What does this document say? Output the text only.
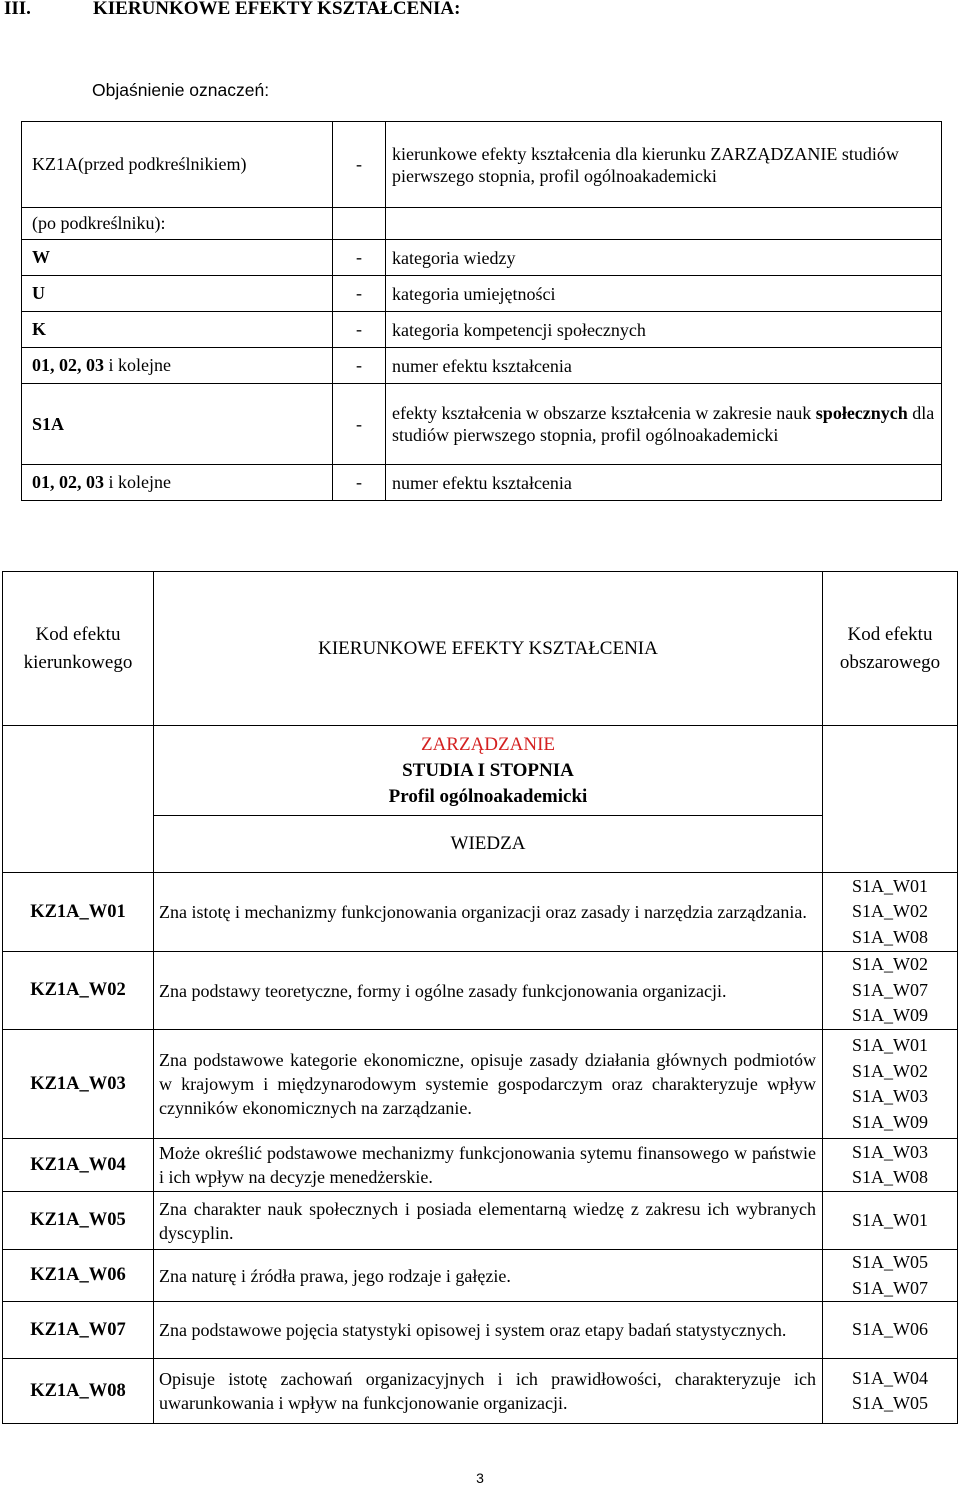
III.	KIERUNKOWE EFEKTY KSZTAŁCENIA:
Objaśnienie oznaczeń:
KZ1A(przed podkreślnikiem)	-	kierunkowe efekty kształcenia dla kierunku ZARZĄDZANIE studiów pierwszego stopnia, profil ogólnoakademicki
(po podkreślniku):		
W	-	kategoria wiedzy
U	-	kategoria umiejętności
K	-	kategoria kompetencji społecznych
01, 02, 03 i kolejne	-	numer efektu kształcenia
S1A	-	efekty kształcenia w obszarze kształcenia w zakresie nauk społecznych dla studiów pierwszego stopnia, profil ogólnoakademicki
01, 02, 03 i kolejne	-	numer efektu kształcenia
Kod efektu kierunkowego	KIERUNKOWE EFEKTY KSZTAŁCENIA	Kod efektu obszarowego

	ZARZĄDZANIE
STUDIA I STOPNIA
Profil ogólnoakademicki
WIEDZA	

KZ1A_W01	Zna istotę i mechanizmy funkcjonowania organizacji oraz zasady i narzędzia zarządzania.	S1A_W01
S1A_W02
S1A_W08
KZ1A_W02	Zna podstawy teoretyczne, formy i ogólne zasady funkcjonowania organizacji.	S1A_W02
S1A_W07
S1A_W09
KZ1A_W03	Zna podstawowe kategorie ekonomiczne, opisuje zasady działania głównych podmiotów w krajowym i międzynarodowym systemie gospodarczym oraz charakteryzuje wpływ czynników ekonomicznych na zarządzanie.	S1A_W01
S1A_W02
S1A_W03
S1A_W09
KZ1A_W04	Może określić podstawowe mechanizmy funkcjonowania sytemu finansowego w państwie i ich wpływ na decyzje menedżerskie.	S1A_W03
S1A_W08
KZ1A_W05	Zna charakter nauk społecznych i posiada elementarną wiedzę z zakresu ich wybranych dyscyplin.	S1A_W01
KZ1A_W06	Zna naturę i źródła prawa, jego rodzaje i gałęzie.	S1A_W05
S1A_W07
KZ1A_W07	Zna podstawowe pojęcia statystyki opisowej i system oraz etapy badań statystycznych.	S1A_W06
KZ1A_W08	Opisuje istotę zachowań organizacyjnych i ich prawidłowości, charakteryzuje ich uwarunkowania i wpływ na funkcjonowanie organizacji.	S1A_W04
S1A_W05
3
